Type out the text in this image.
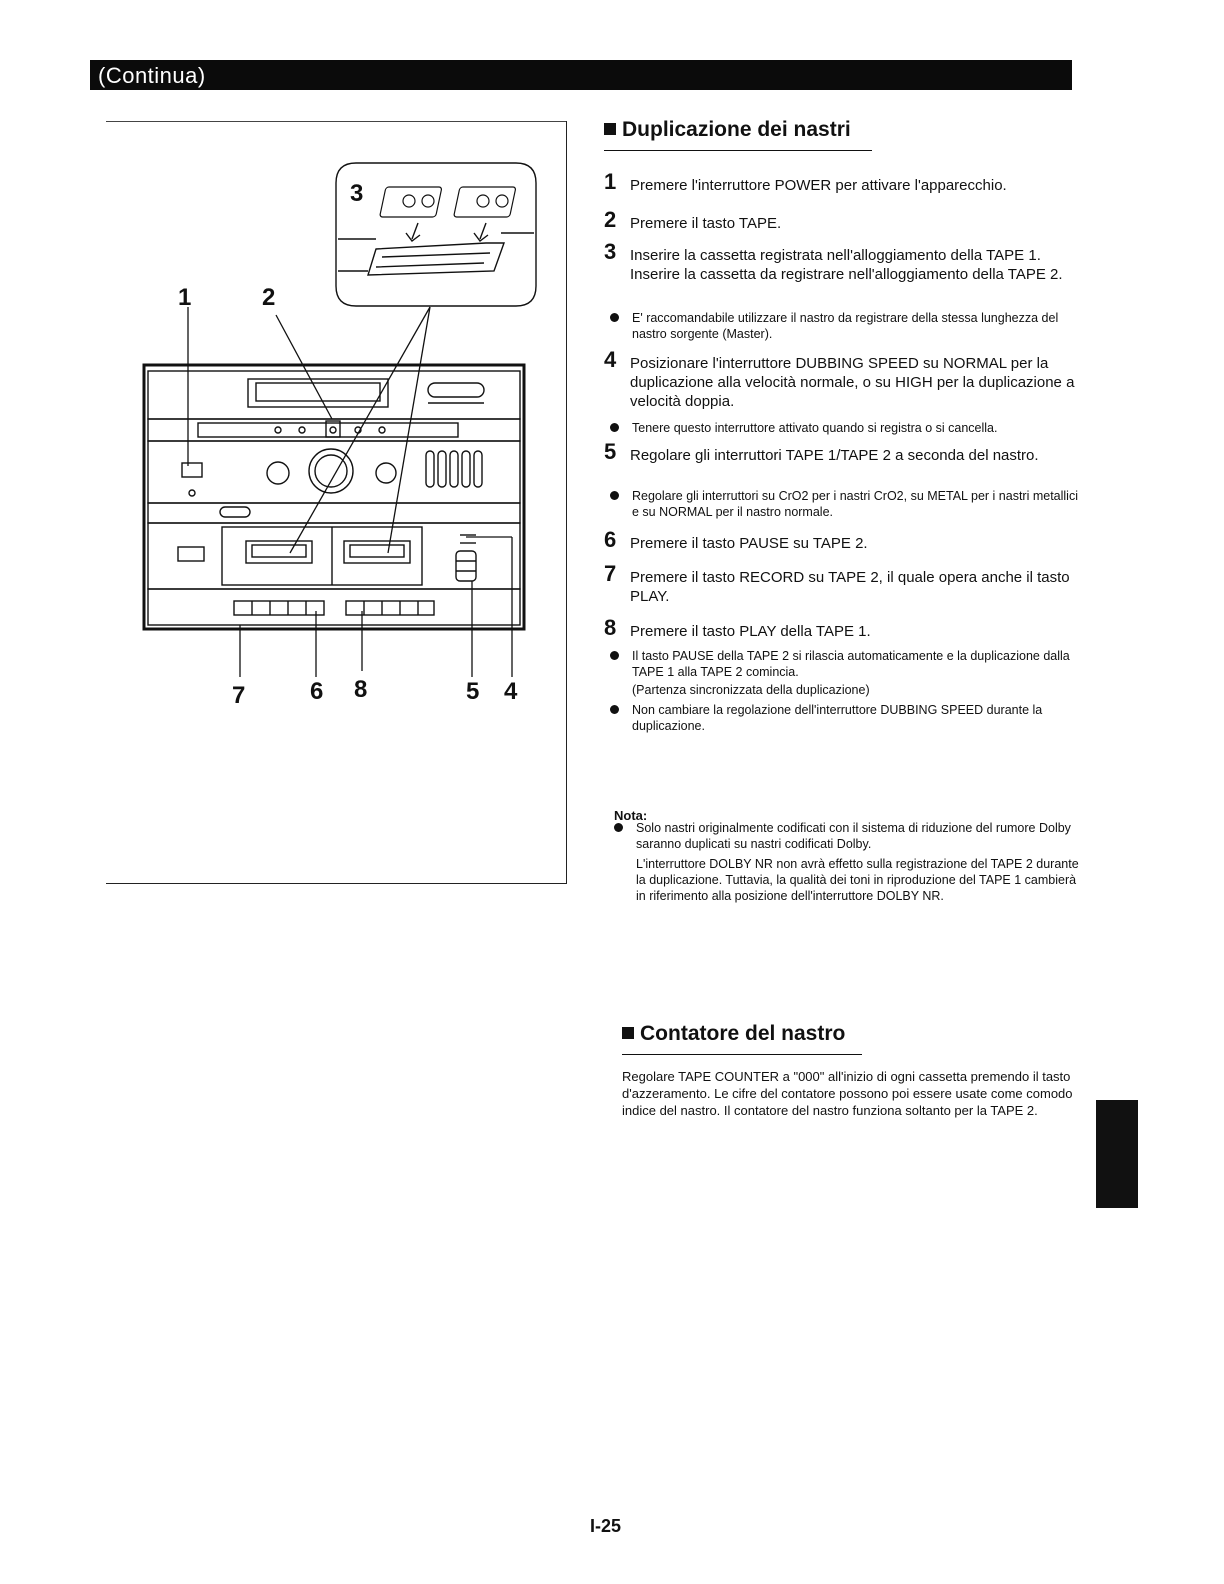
(Continua)
1	2
3
4
5
6
7	8
Duplicazione dei nastri
1 Premere l'interruttore POWER per attivare l'apparecchio.
2 Premere il tasto TAPE.
3 Inserire la cassetta registrata nell'alloggiamento della TAPE 1. Inserire la cassetta da registrare nell'alloggiamento della TAPE 2.
E' raccomandabile utilizzare il nastro da registrare della stessa lunghezza del nastro sorgente (Master).
4 Posizionare l'interruttore DUBBING SPEED su NORMAL per la duplicazione alla velocità normale, o su HIGH per la duplicazione a velocità doppia.
Tenere questo interruttore attivato quando si registra o si cancella.
5 Regolare gli interruttori TAPE 1/TAPE 2 a seconda del nastro.
Regolare gli interruttori su CrO2 per i nastri CrO2, su METAL per i nastri metallici e su NORMAL per il nastro normale.
6 Premere il tasto PAUSE su TAPE 2.
7 Premere il tasto RECORD su TAPE 2, il quale opera anche il tasto PLAY.
8 Premere il tasto PLAY della TAPE 1.
Il tasto PAUSE della TAPE 2 si rilascia automaticamente e la duplicazione dalla TAPE 1 alla TAPE 2 comincia.
(Partenza sincronizzata della duplicazione)
Non cambiare la regolazione dell'interruttore DUBBING SPEED durante la duplicazione.
Nota:
Solo nastri originalmente codificati con il sistema di riduzione del rumore Dolby saranno duplicati su nastri codificati Dolby.
L'interruttore DOLBY NR non avrà effetto sulla registrazione del TAPE 2 durante la duplicazione. Tuttavia, la qualità dei toni in riproduzione del TAPE 1 cambierà in riferimento alla posizione dell'interruttore DOLBY NR.
Contatore del nastro
Regolare TAPE COUNTER a "000" all'inizio di ogni cassetta premendo il tasto d'azzeramento. Le cifre del contatore possono poi essere usate come comodo indice del nastro. Il contatore del nastro funziona soltanto per la TAPE 2.
I-25
